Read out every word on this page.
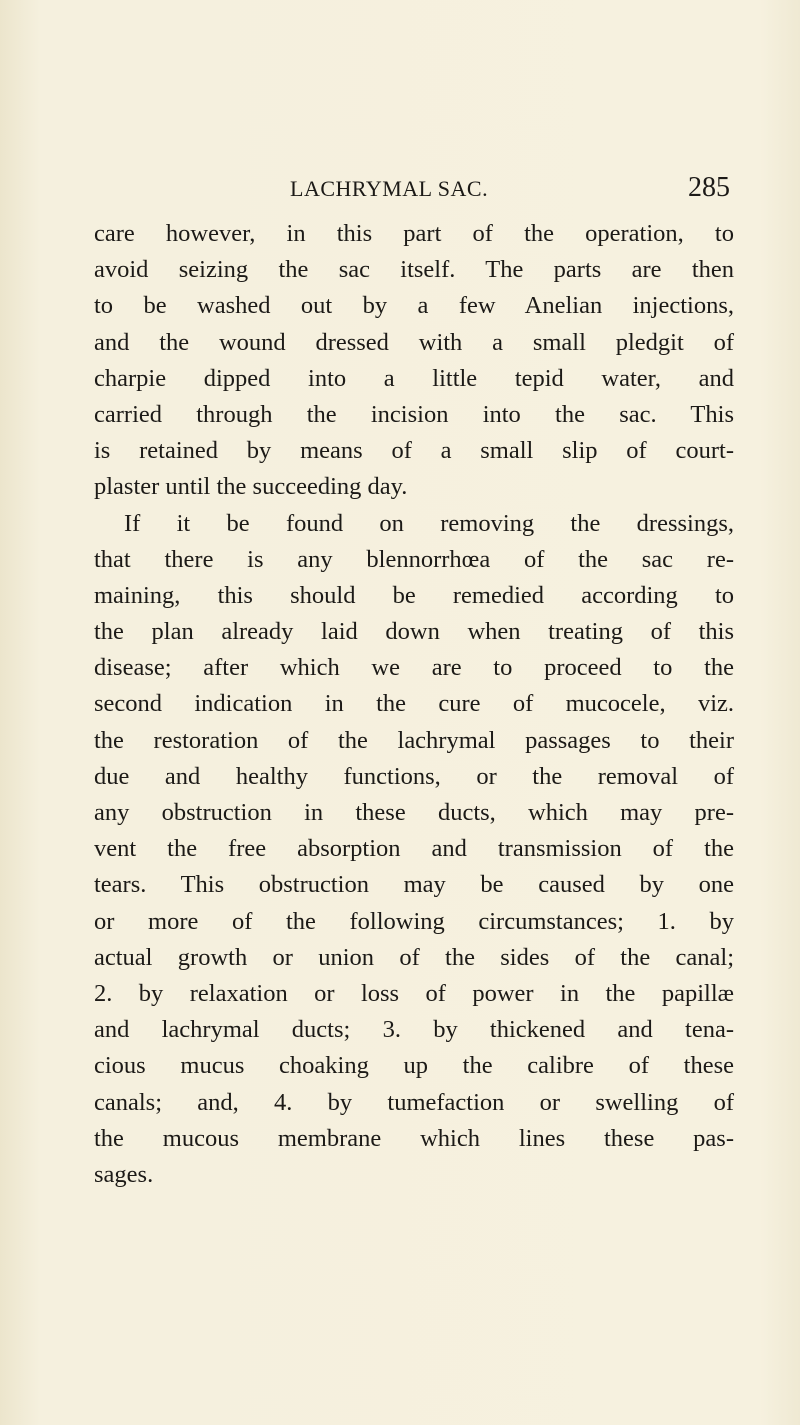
LACHRYMAL SAC.	285
care however, in this part of the operation, to
avoid seizing the sac itself. The parts are then
to be washed out by a few Anelian injections,
and the wound dressed with a small pledgit of
charpie dipped into a little tepid water, and
carried through the incision into the sac. This
is retained by means of a small slip of court-
plaster until the succeeding day.
If it be found on removing the dressings,
that there is any blennorrhœa of the sac re-
maining, this should be remedied according to
the plan already laid down when treating of this
disease; after which we are to proceed to the
second indication in the cure of mucocele, viz.
the restoration of the lachrymal passages to their
due and healthy functions, or the removal of
any obstruction in these ducts, which may pre-
vent the free absorption and transmission of the
tears. This obstruction may be caused by one
or more of the following circumstances; 1. by
actual growth or union of the sides of the canal;
2. by relaxation or loss of power in the papillæ
and lachrymal ducts; 3. by thickened and tena-
cious mucus choaking up the calibre of these
canals; and, 4. by tumefaction or swelling of
the mucous membrane which lines these pas-
sages.
